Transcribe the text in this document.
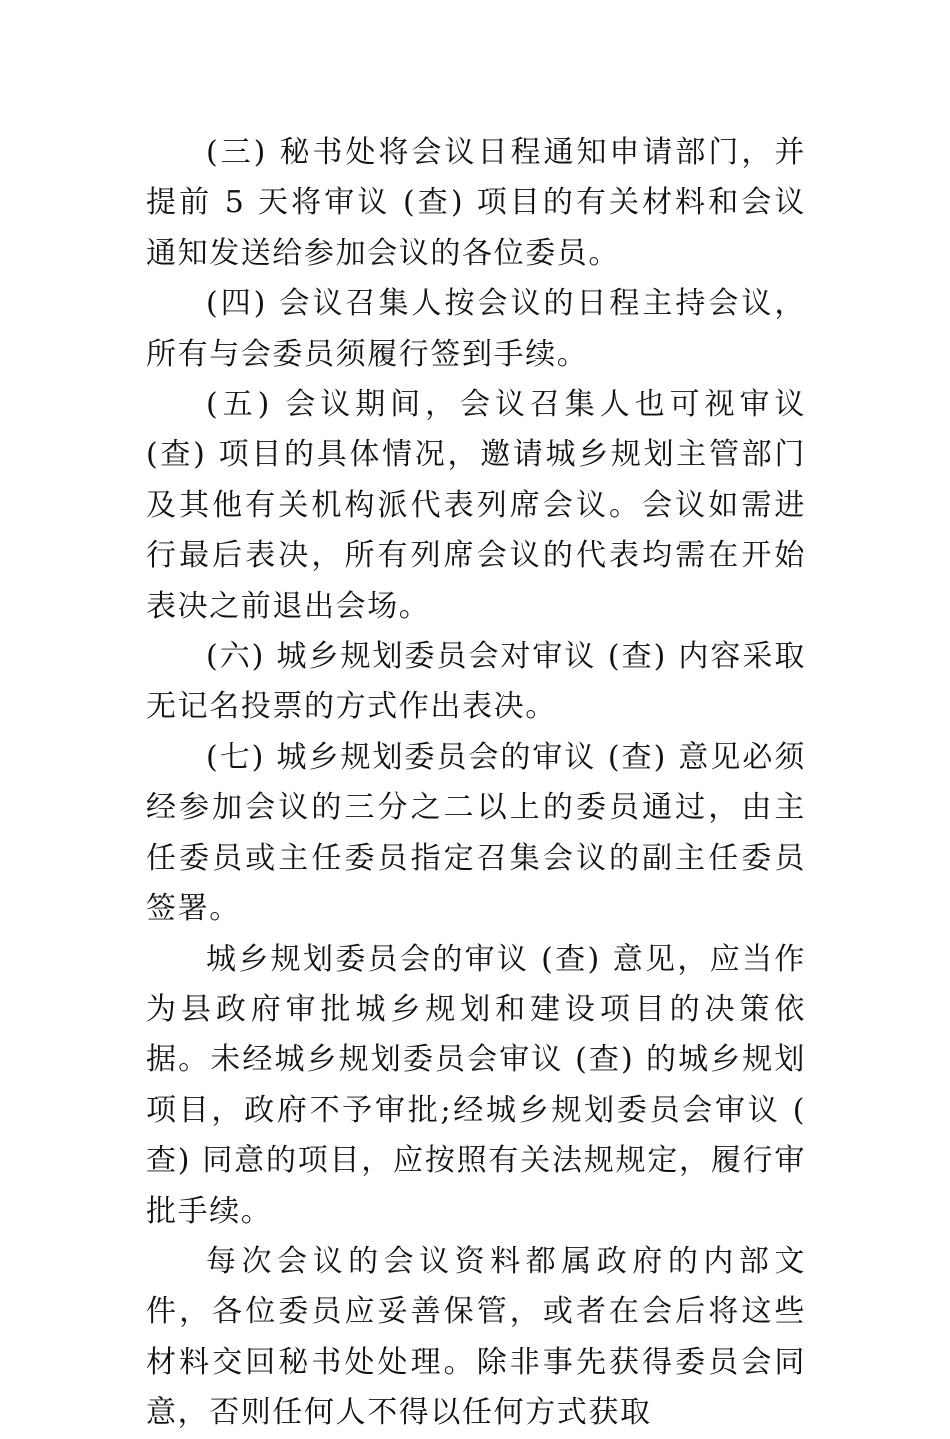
(三) 秘书处将会议日程通知申请部门，并提前 5 天将审议 (查) 项目的有关材料和会议通知发送给参加会议的各位委员。

(四) 会议召集人按会议的日程主持会议，所有与会委员须履行签到手续。

(五) 会议期间，会议召集人也可视审议 (查) 项目的具体情况，邀请城乡规划主管部门及其他有关机构派代表列席会议。会议如需进行最后表决，所有列席会议的代表均需在开始表决之前退出会场。

(六) 城乡规划委员会对审议 (查) 内容采取无记名投票的方式作出表决。

(七) 城乡规划委员会的审议 (查) 意见必须经参加会议的三分之二以上的委员通过，由主任委员或主任委员指定召集会议的副主任委员签署。

城乡规划委员会的审议 (查) 意见，应当作为县政府审批城乡规划和建设项目的决策依据。未经城乡规划委员会审议 (查) 的城乡规划项目，政府不予审批;经城乡规划委员会审议 ( 查) 同意的项目，应按照有关法规规定，履行审批手续。

每次会议的会议资料都属政府的内部文件，各位委员应妥善保管，或者在会后将这些材料交回秘书处处理。除非事先获得委员会同意，否则任何人不得以任何方式获取
